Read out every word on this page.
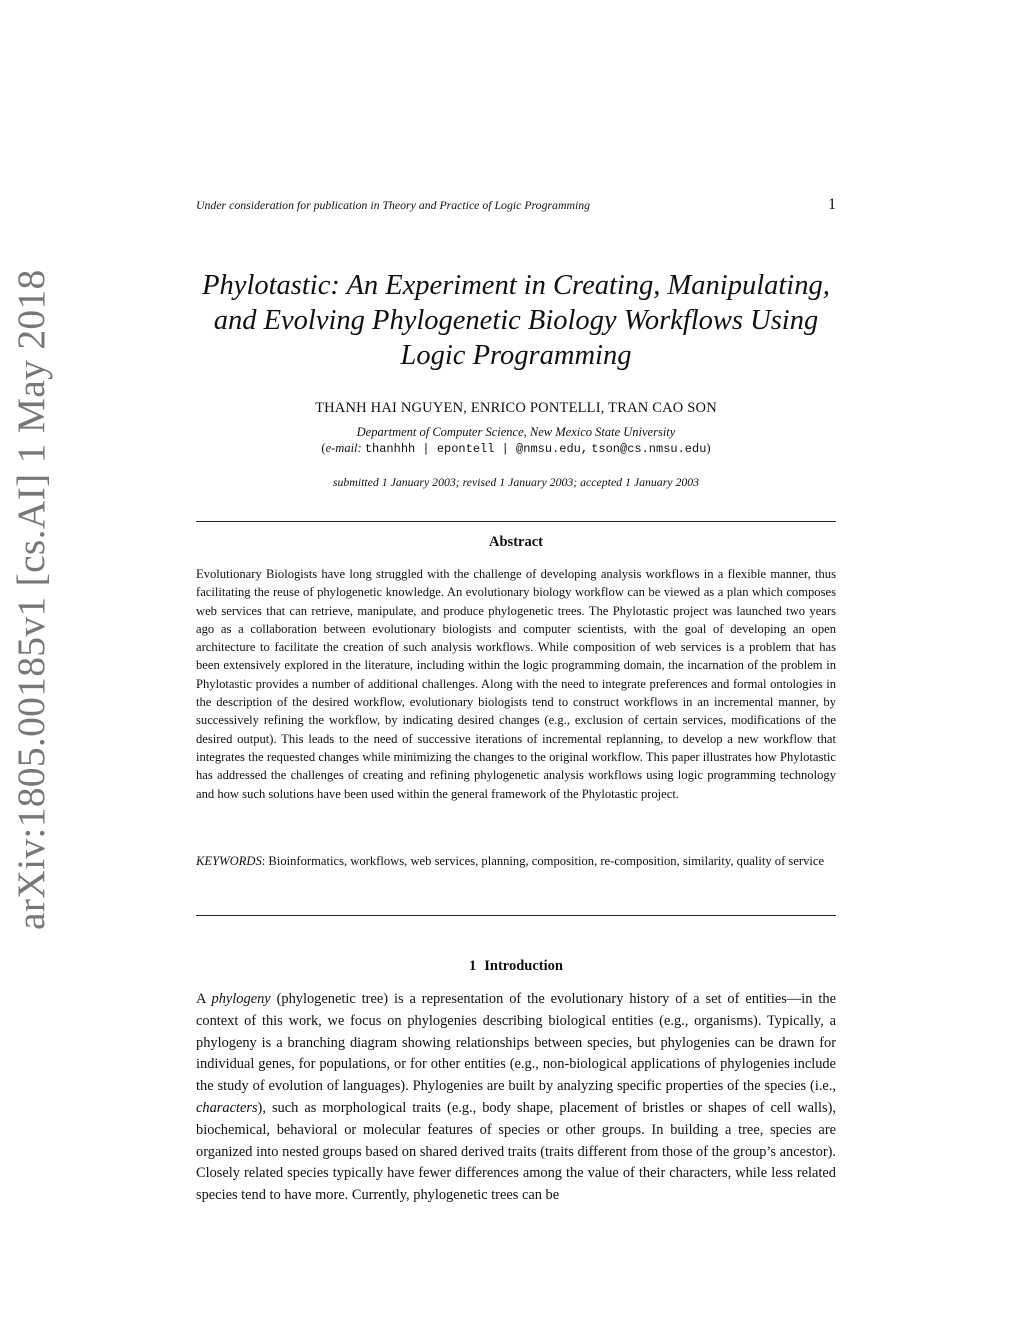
arXiv:1805.00185v1 [cs.AI] 1 May 2018
Under consideration for publication in Theory and Practice of Logic Programming	1
Phylotastic: An Experiment in Creating, Manipulating, and Evolving Phylogenetic Biology Workflows Using Logic Programming
THANH HAI NGUYEN, ENRICO PONTELLI, TRAN CAO SON
Department of Computer Science, New Mexico State University
(e-mail: thanhhh | epontell | @nmsu.edu, tson@cs.nmsu.edu)
submitted 1 January 2003; revised 1 January 2003; accepted 1 January 2003
Abstract

Evolutionary Biologists have long struggled with the challenge of developing analysis workflows in a flexible manner, thus facilitating the reuse of phylogenetic knowledge. An evolutionary biology workflow can be viewed as a plan which composes web services that can retrieve, manipulate, and produce phylogenetic trees. The Phylotastic project was launched two years ago as a collaboration between evolutionary biologists and computer scientists, with the goal of developing an open architecture to facilitate the creation of such analysis workflows. While composition of web services is a problem that has been extensively explored in the literature, including within the logic programming domain, the incarnation of the problem in Phylotastic provides a number of additional challenges. Along with the need to integrate preferences and formal ontologies in the description of the desired workflow, evolutionary biologists tend to construct workflows in an incremental manner, by successively refining the workflow, by indicating desired changes (e.g., exclusion of certain services, modifications of the desired output). This leads to the need of successive iterations of incremental replanning, to develop a new workflow that integrates the requested changes while minimizing the changes to the original workflow. This paper illustrates how Phylotastic has addressed the challenges of creating and refining phylogenetic analysis workflows using logic programming technology and how such solutions have been used within the general framework of the Phylotastic project.

KEYWORDS: Bioinformatics, workflows, web services, planning, composition, re-composition, similarity, quality of service

1 Introduction

A phylogeny (phylogenetic tree) is a representation of the evolutionary history of a set of entities—in the context of this work, we focus on phylogenies describing biological entities (e.g., organisms). Typically, a phylogeny is a branching diagram showing relationships between species, but phylogenies can be drawn for individual genes, for populations, or for other entities (e.g., non-biological applications of phylogenies include the study of evolution of languages). Phylogenies are built by analyzing specific properties of the species (i.e., characters), such as morphological traits (e.g., body shape, placement of bristles or shapes of cell walls), biochemical, behavioral or molecular features of species or other groups. In building a tree, species are organized into nested groups based on shared derived traits (traits different from those of the group’s ancestor). Closely related species typically have fewer differences among the value of their characters, while less related species tend to have more. Currently, phylogenetic trees can be
